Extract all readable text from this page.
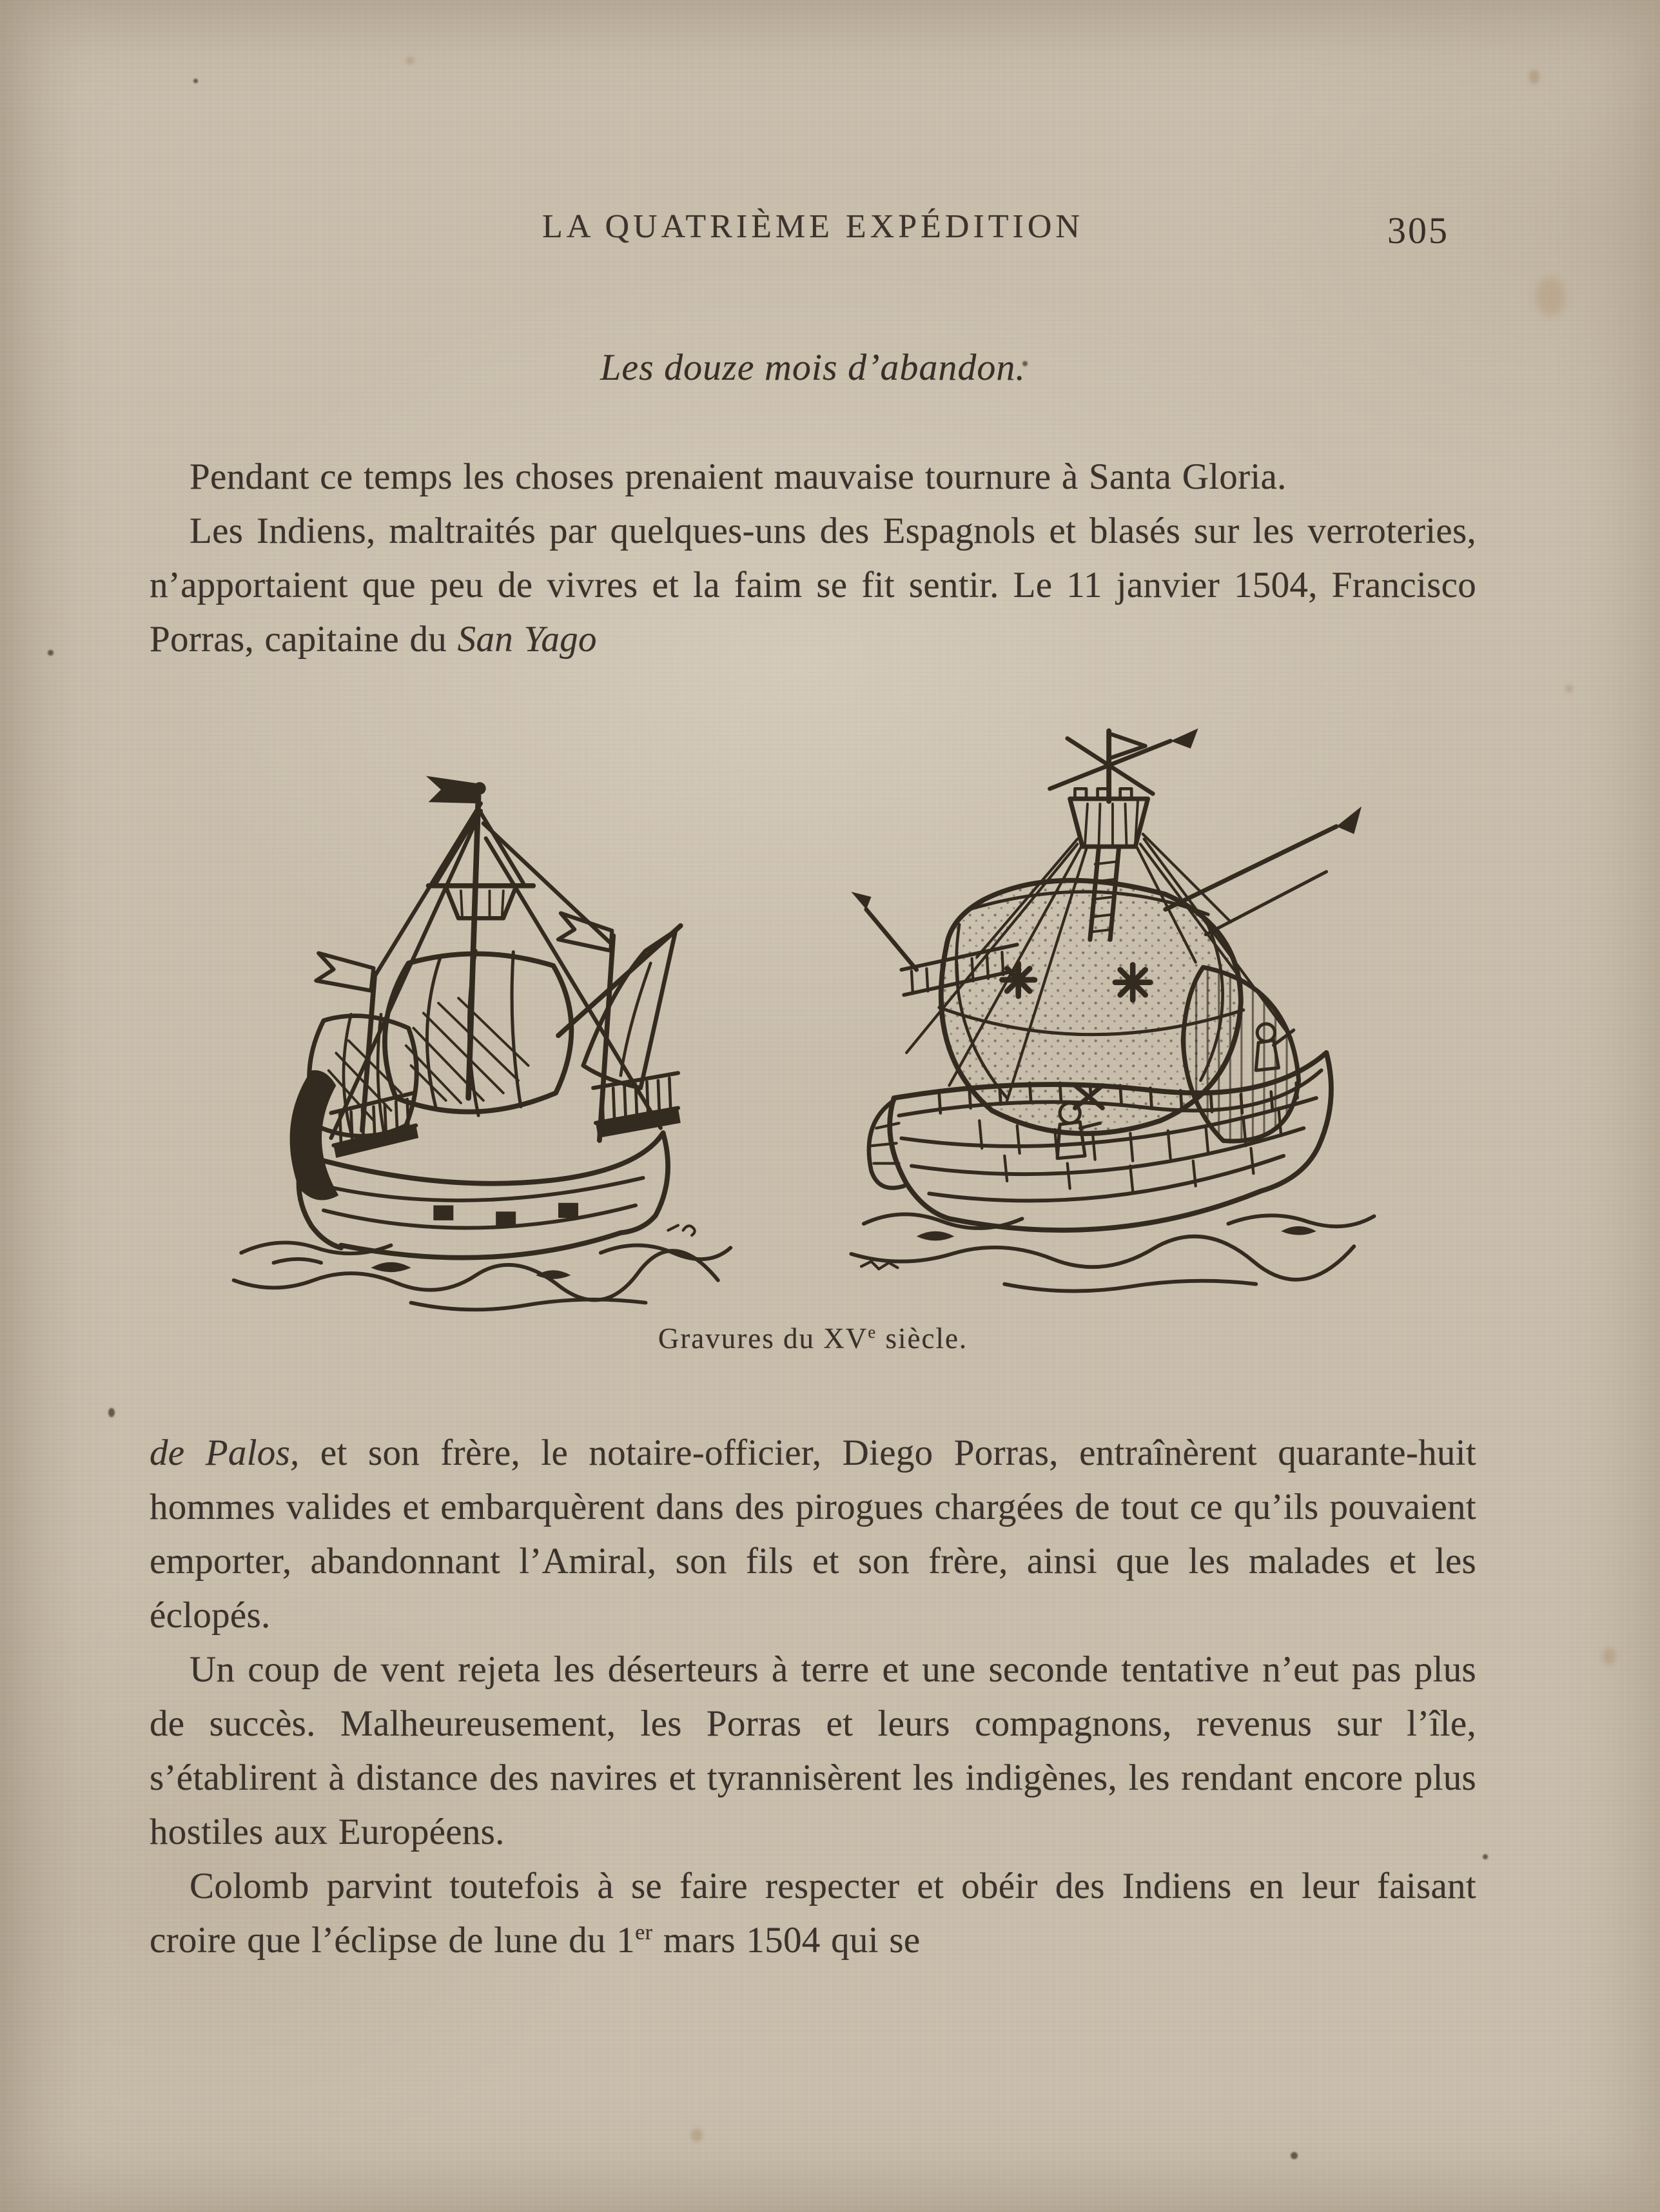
LA QUATRIÈME EXPÉDITION	305
Les douze mois d’abandon.

Pendant ce temps les choses prenaient mauvaise tournure à Santa Gloria.

Les Indiens, maltraités par quelques-uns des Espagnols et blasés sur les verroteries, n’apportaient que peu de vivres et la faim se fit sentir. Le 11 janvier 1504, Francisco Porras, capitaine du San Yago

Gravures du XVe siècle.

de Palos, et son frère, le notaire-officier, Diego Porras, entraînèrent quarante-huit hommes valides et embarquèrent dans des pirogues chargées de tout ce qu’ils pouvaient emporter, abandonnant l’Amiral, son fils et son frère, ainsi que les malades et les éclopés.

Un coup de vent rejeta les déserteurs à terre et une seconde tentative n’eut pas plus de succès. Malheureusement, les Porras et leurs compagnons, revenus sur l’île, s’établirent à distance des navires et tyrannisèrent les indigènes, les rendant encore plus hostiles aux Européens.

Colomb parvint toutefois à se faire respecter et obéir des Indiens en leur faisant croire que l’éclipse de lune du 1er mars 1504 qui se
